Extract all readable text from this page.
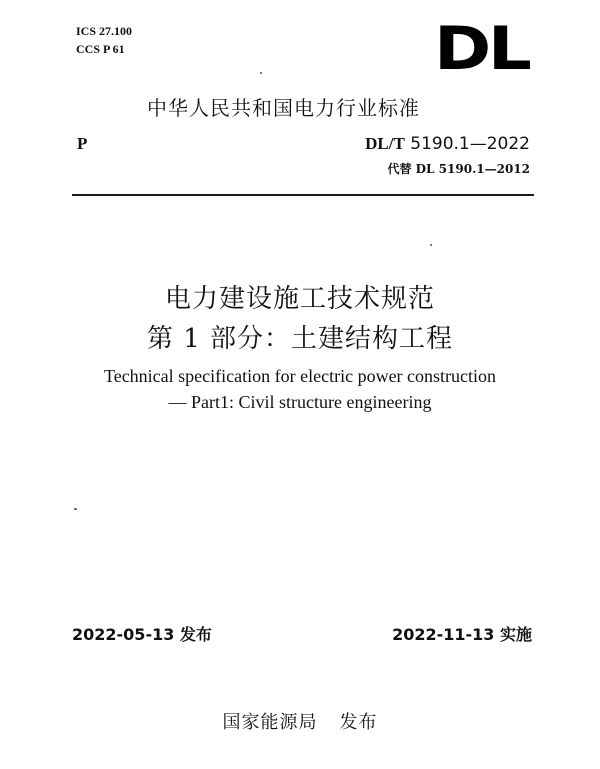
ICS 27.100
CCS P 61	DL
中华人民共和国电力行业标准
P	DL/T 5190.1—2022
代替 DL 5190.1—2012
电力建设施工技术规范
第 1 部分：土建结构工程
Technical specification for electric power construction
— Part1: Civil structure engineering
2022-05-13 发布	2022-11-13 实施
国家能源局 发布
